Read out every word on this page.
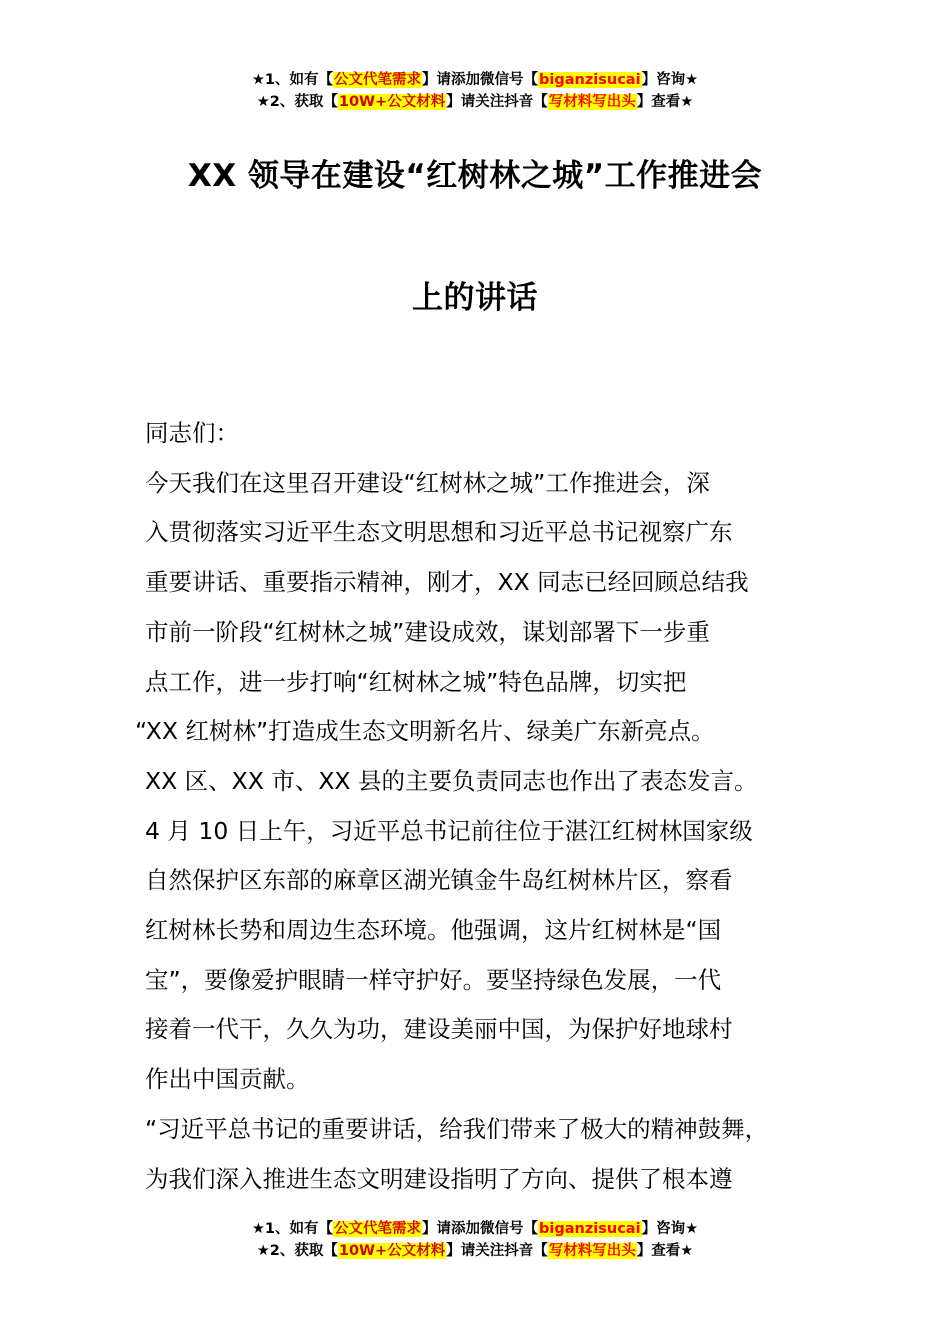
★1、如有【公文代笔需求】请添加微信号【biganzisucai】咨询★
★2、获取【10W+公文材料】请关注抖音【写材料写出头】查看★
XX 领导在建设“红树林之城”工作推进会
上的讲话

同志们：

今天我们在这里召开建设“红树林之城”工作推进会，深

入贯彻落实习近平生态文明思想和习近平总书记视察广东

重要讲话、重要指示精神，刚才，XX 同志已经回顾总结我

市前一阶段“红树林之城”建设成效，谋划部署下一步重

点工作，进一步打响“红树林之城”特色品牌，切实把

“XX 红树林”打造成生态文明新名片、绿美广东新亮点。

XX 区、XX 市、XX 县的主要负责同志也作出了表态发言。

4 月 10 日上午，习近平总书记前往位于湛江红树林国家级

自然保护区东部的麻章区湖光镇金牛岛红树林片区，察看

红树林长势和周边生态环境。他强调，这片红树林是“国

宝”，要像爱护眼睛一样守护好。要坚持绿色发展，一代

接着一代干，久久为功，建设美丽中国，为保护好地球村

作出中国贡献。

“习近平总书记的重要讲话，给我们带来了极大的精神鼓舞，

为我们深入推进生态文明建设指明了方向、提供了根本遵

★1、如有【公文代笔需求】请添加微信号【biganzisucai】咨询★
★2、获取【10W+公文材料】请关注抖音【写材料写出头】查看★
